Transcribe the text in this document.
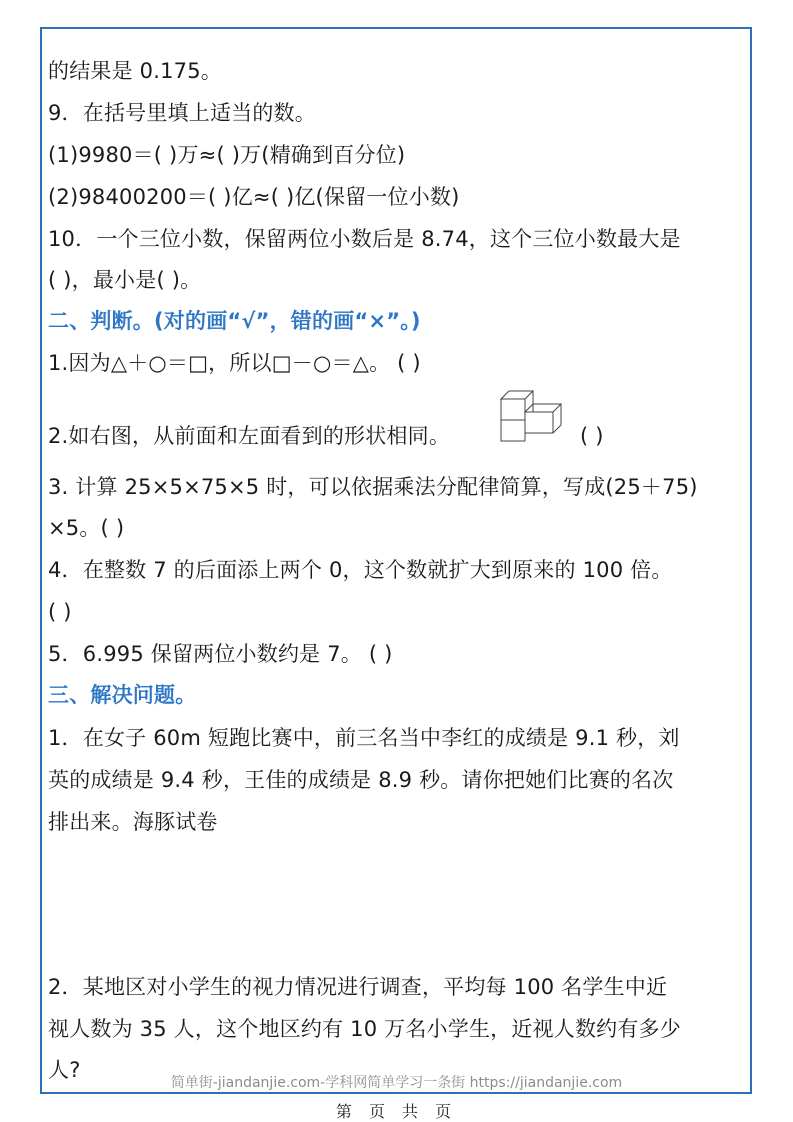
的结果是 0.175。
9．在括号里填上适当的数。
(1)9980＝( )万≈( )万(精确到百分位)
(2)98400200＝( )亿≈( )亿(保留一位小数)
10．一个三位小数，保留两位小数后是 8.74，这个三位小数最大是
( )，最小是( )。
二、判断。(对的画“√”，错的画“×”。)
1.因为△＋○＝□，所以□－○＝△。 ( )
2.如右图，从前面和左面看到的形状相同。	( )
3. 计算 25×5×75×5 时，可以依据乘法分配律简算，写成(25＋75)
×5。( )
4．在整数 7 的后面添上两个 0，这个数就扩大到原来的 100 倍。
( )
5．6.995 保留两位小数约是 7。 ( )
三、解决问题。
1．在女子 60m 短跑比赛中，前三名当中李红的成绩是 9.1 秒，刘
英的成绩是 9.4 秒，王佳的成绩是 8.9 秒。请你把她们比赛的名次
排出来。海豚试卷
2．某地区对小学生的视力情况进行调查，平均每 100 名学生中近
视人数为 35 人，这个地区约有 10 万名小学生，近视人数约有多少
人?
简单街-jiandanjie.com-学科网简单学习一条街 https://jiandanjie.com
第 页 共 页
